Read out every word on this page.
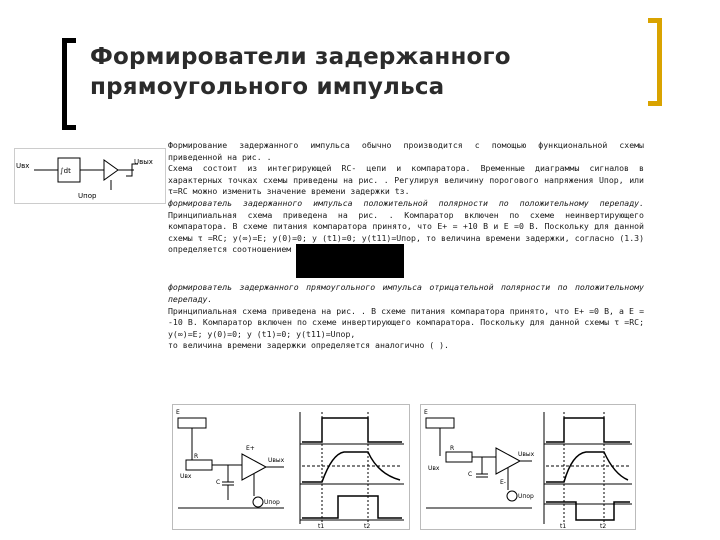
Формирователи задержанного
прямоугольного импульса
Uвх	Uвых
Uпор
∫dt

Формирование задержанного импульса обычно производится с помощью функциональной схемы приведенной на рис. .

Схема состоит из интегрирующей RC- цепи и компаратора. Временные диаграммы сигналов в характерных точках схемы приведены на рис. . Регулируя величину порогового напряжения Uпор, или τ=RC можно изменить значение времени задержки tз.

формирователь задержанного импульса положительной полярности по положительному перепаду. Принципиальная схема приведена на рис. . Компаратор включен по схеме неинвертирующего компаратора. В схеме питания компаратора принято, что Е+ = +10 В и Е =0 В. Поскольку для данной схемы τ =RC; y(∞)=E; y(0)=0; y (t1)=0; y(t11)=Uпор, то величина времени задержки, согласно (1.3) определяется соотношением

формирователь задержанного прямоугольного импульса отрицательной полярности по положительному перепаду.
Принципиальная схема приведена на рис. . В схеме питания компаратора принято, что Е+ =0 В, а Е = -10 В. Компаратор включен по схеме инвертирующего компаратора. Поскольку для данной схемы τ =RC; y(∞)=E; y(0)=0; y (t1)=0; y(t11)=Uпор,

то величина времени задержки определяется аналогично ( ).

E
R
C
Uвх
Uпор
Uвых
E+
t1	t2
E
R
C
Uвх
Uпор
Uвых
E-
t1	t2
